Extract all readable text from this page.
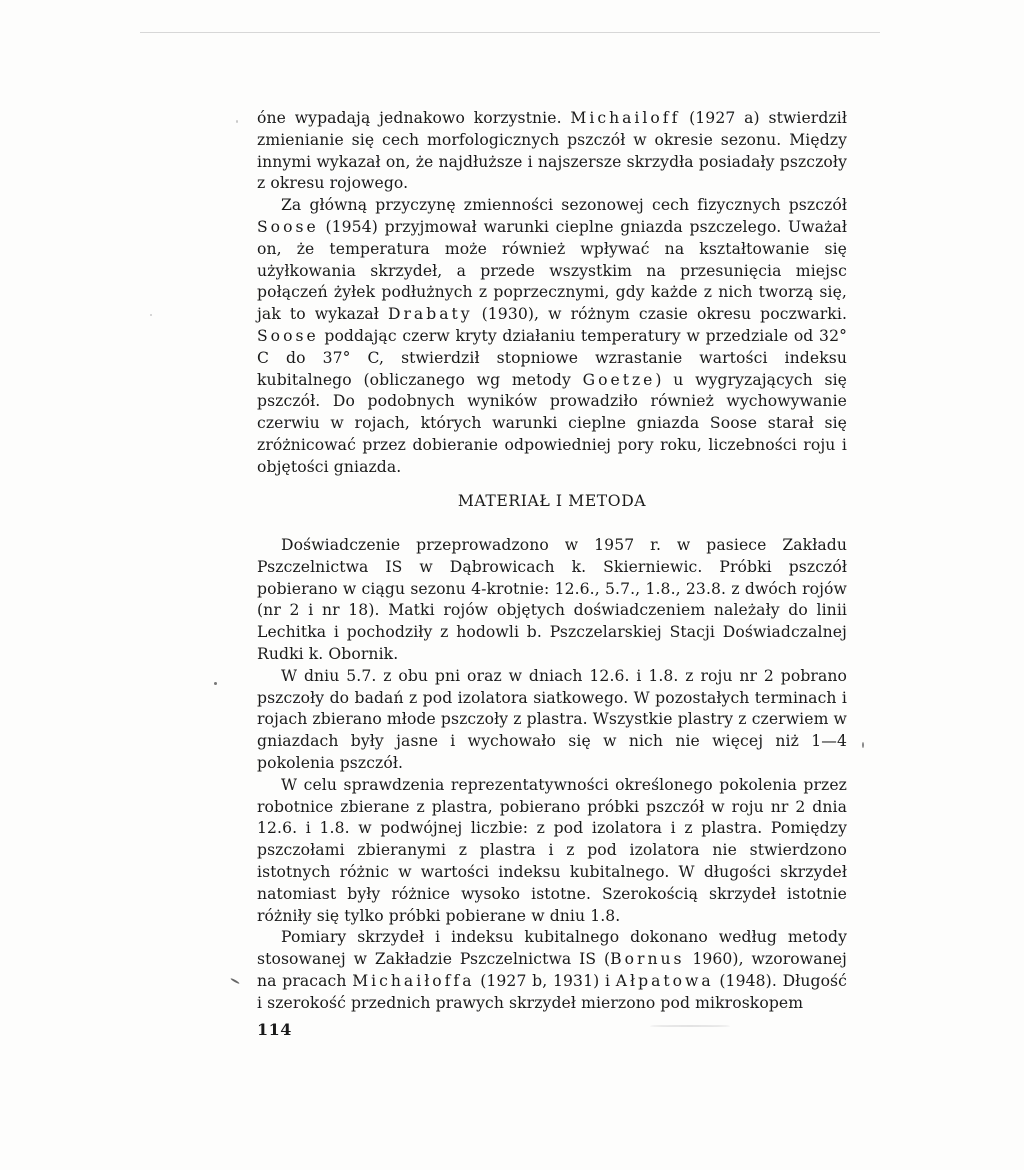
óne wypadają jednakowo korzystnie. Michailoff (1927 a) stwierdził zmienianie się cech morfologicznych pszczół w okresie sezonu. Między innymi wykazał on, że najdłuższe i najszersze skrzydła posiadały pszczoły z okresu rojowego.

Za główną przyczynę zmienności sezonowej cech fizycznych pszczół Soose (1954) przyjmował warunki cieplne gniazda pszczelego. Uważał on, że temperatura może również wpływać na kształtowanie się użyłkowania skrzydeł, a przede wszystkim na przesunięcia miejsc połączeń żyłek podłużnych z poprzecznymi, gdy każde z nich tworzą się, jak to wykazał Drabaty (1930), w różnym czasie okresu poczwarki. Soose poddając czerw kryty działaniu temperatury w przedziale od 32° C do 37° C, stwierdził stopniowe wzrastanie wartości indeksu kubitalnego (obliczanego wg metody Goetze) u wygryzających się pszczół. Do podobnych wyników prowadziło również wychowywanie czerwiu w rojach, których warunki cieplne gniazda Soose starał się zróżnicować przez dobieranie odpowiedniej pory roku, liczebności roju i objętości gniazda.

MATERIAŁ I METODA

Doświadczenie przeprowadzono w 1957 r. w pasiece Zakładu Pszczelnictwa IS w Dąbrowicach k. Skierniewic. Próbki pszczół pobierano w ciągu sezonu 4-krotnie: 12.6., 5.7., 1.8., 23.8. z dwóch rojów (nr 2 i nr 18). Matki rojów objętych doświadczeniem należały do linii Lechitka i pochodziły z hodowli b. Pszczelarskiej Stacji Doświadczalnej Rudki k. Obornik.

W dniu 5.7. z obu pni oraz w dniach 12.6. i 1.8. z roju nr 2 pobrano pszczoły do badań z pod izolatora siatkowego. W pozostałych terminach i rojach zbierano młode pszczoły z plastra. Wszystkie plastry z czerwiem w gniazdach były jasne i wychowało się w nich nie więcej niż 1—4 pokolenia pszczół.

W celu sprawdzenia reprezentatywności określonego pokolenia przez robotnice zbierane z plastra, pobierano próbki pszczół w roju nr 2 dnia 12.6. i 1.8. w podwójnej liczbie: z pod izolatora i z plastra. Pomiędzy pszczołami zbieranymi z plastra i z pod izolatora nie stwierdzono istotnych różnic w wartości indeksu kubitalnego. W długości skrzydeł natomiast były różnice wysoko istotne. Szerokością skrzydeł istotnie różniły się tylko próbki pobierane w dniu 1.8.

Pomiary skrzydeł i indeksu kubitalnego dokonano według metody stosowanej w Zakładzie Pszczelnictwa IS (Bornus 1960), wzorowanej na pracach Michaiłoffa (1927 b, 1931) i Ałpatowa (1948). Długość i szerokość przednich prawych skrzydeł mierzono pod mikroskopem

114
